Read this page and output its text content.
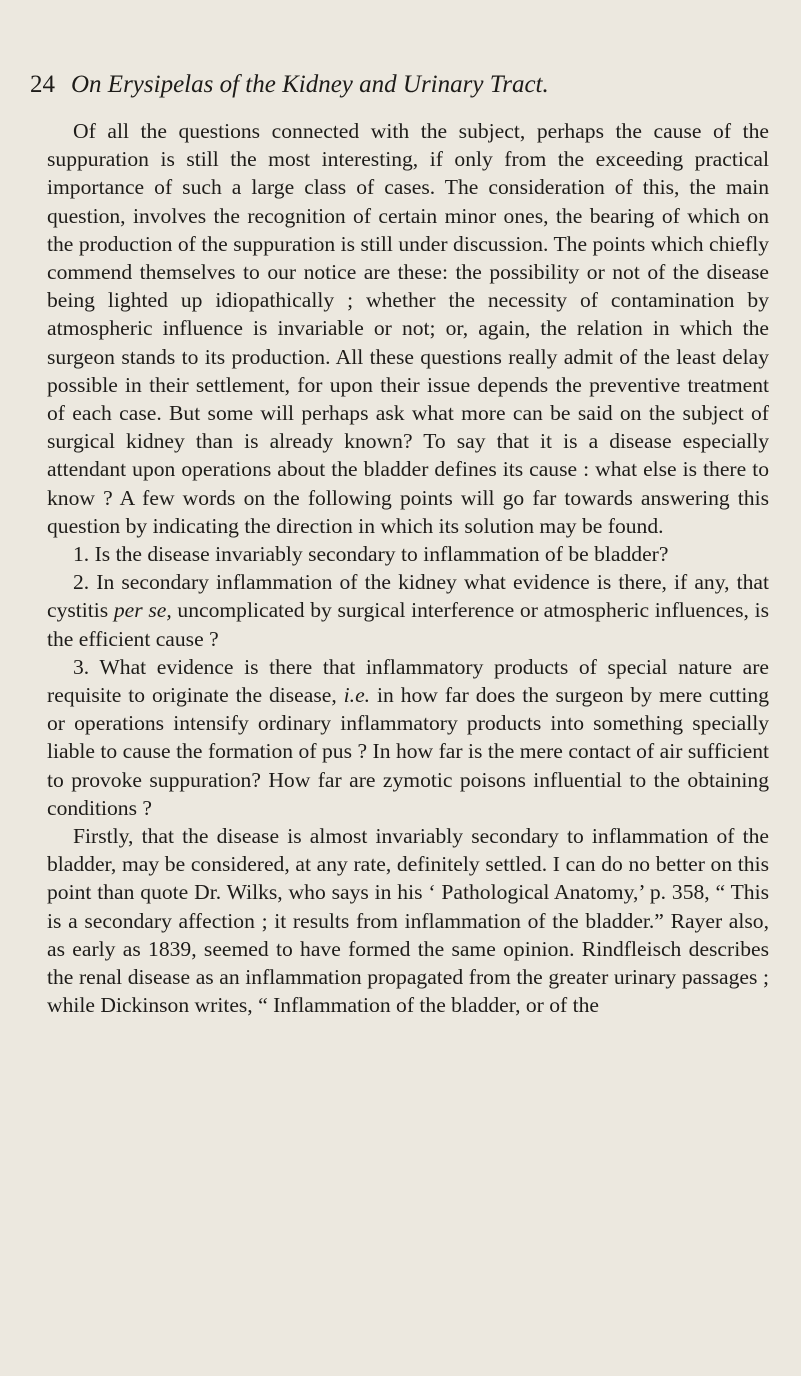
24 On Erysipelas of the Kidney and Urinary Tract.

Of all the questions connected with the subject, perhaps the cause of the suppuration is still the most interesting, if only from the exceeding practical importance of such a large class of cases. The consideration of this, the main question, involves the recognition of certain minor ones, the bearing of which on the production of the suppuration is still under discussion. The points which chiefly commend themselves to our notice are these: the possibility or not of the disease being lighted up idiopathically ; whether the necessity of contamination by atmospheric influence is invariable or not; or, again, the relation in which the surgeon stands to its production. All these questions really admit of the least delay possible in their settlement, for upon their issue depends the preventive treatment of each case. But some will perhaps ask what more can be said on the subject of surgical kidney than is already known? To say that it is a disease especially attendant upon operations about the bladder defines its cause : what else is there to know ? A few words on the following points will go far towards answering this question by indicating the direction in which its solution may be found.

1. Is the disease invariably secondary to inflammation of be bladder?

2. In secondary inflammation of the kidney what evidence is there, if any, that cystitis per se, uncomplicated by surgical interference or atmospheric influences, is the efficient cause ?

3. What evidence is there that inflammatory products of special nature are requisite to originate the disease, i.e. in how far does the surgeon by mere cutting or operations intensify ordinary inflammatory products into something specially liable to cause the formation of pus ? In how far is the mere contact of air sufficient to provoke suppuration? How far are zymotic poisons influential to the obtaining conditions ?

Firstly, that the disease is almost invariably secondary to inflammation of the bladder, may be considered, at any rate, definitely settled. I can do no better on this point than quote Dr. Wilks, who says in his ‘ Pathological Anatomy,’ p. 358, “ This is a secondary affection ; it results from inflammation of the bladder.” Rayer also, as early as 1839, seemed to have formed the same opinion. Rindfleisch describes the renal disease as an inflammation propagated from the greater urinary passages ; while Dickinson writes, “ Inflammation of the bladder, or of the
